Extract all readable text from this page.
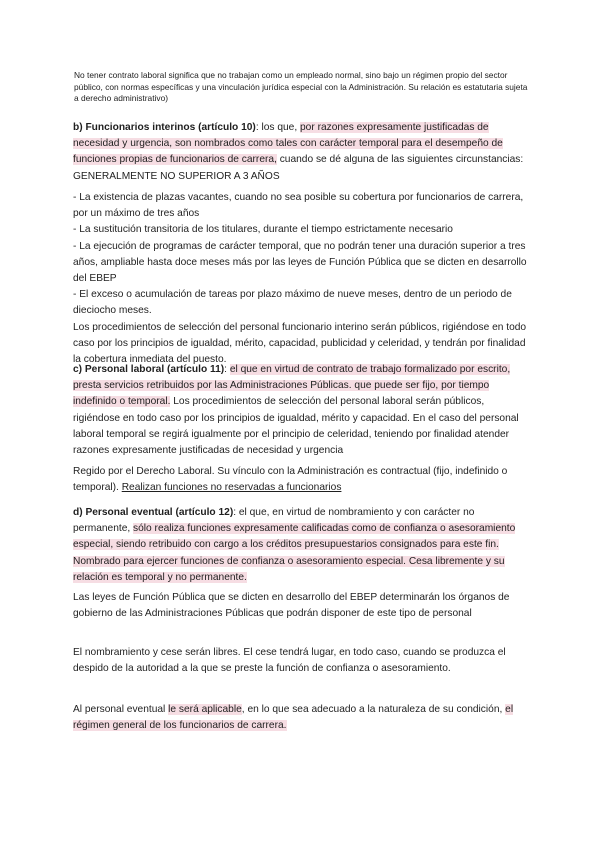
No tener contrato laboral significa que no trabajan como un empleado normal, sino bajo un régimen propio del sector público, con normas específicas y una vinculación jurídica especial con la Administración. Su relación es estatutaria sujeta a derecho administrativo)

b) Funcionarios interinos (artículo 10): los que, por razones expresamente justificadas de necesidad y urgencia, son nombrados como tales con carácter temporal para el desempeño de funciones propias de funcionarios de carrera, cuando se dé alguna de las siguientes circunstancias: GENERALMENTE NO SUPERIOR A 3 AÑOS

- La existencia de plazas vacantes, cuando no sea posible su cobertura por funcionarios de carrera, por un máximo de tres años

- La sustitución transitoria de los titulares, durante el tiempo estrictamente necesario

- La ejecución de programas de carácter temporal, que no podrán tener una duración superior a tres años, ampliable hasta doce meses más por las leyes de Función Pública que se dicten en desarrollo del EBEP

- El exceso o acumulación de tareas por plazo máximo de nueve meses, dentro de un periodo de dieciocho meses.

Los procedimientos de selección del personal funcionario interino serán públicos, rigiéndose en todo caso por los principios de igualdad, mérito, capacidad, publicidad y celeridad, y tendrán por finalidad la cobertura inmediata del puesto.

c) Personal laboral (artículo 11): el que en virtud de contrato de trabajo formalizado por escrito, presta servicios retribuidos por las Administraciones Públicas. que puede ser fijo, por tiempo indefinido o temporal. Los procedimientos de selección del personal laboral serán públicos, rigiéndose en todo caso por los principios de igualdad, mérito y capacidad. En el caso del personal laboral temporal se regirá igualmente por el principio de celeridad, teniendo por finalidad atender razones expresamente justificadas de necesidad y urgencia

Regido por el Derecho Laboral. Su vínculo con la Administración es contractual (fijo, indefinido o temporal). Realizan funciones no reservadas a funcionarios

d) Personal eventual (artículo 12): el que, en virtud de nombramiento y con carácter no permanente, sólo realiza funciones expresamente calificadas como de confianza o asesoramiento especial, siendo retribuido con cargo a los créditos presupuestarios consignados para este fin. Nombrado para ejercer funciones de confianza o asesoramiento especial. Cesa libremente y su relación es temporal y no permanente.

Las leyes de Función Pública que se dicten en desarrollo del EBEP determinarán los órganos de gobierno de las Administraciones Públicas que podrán disponer de este tipo de personal

El nombramiento y cese serán libres. El cese tendrá lugar, en todo caso, cuando se produzca el despido de la autoridad a la que se preste la función de confianza o asesoramiento.

Al personal eventual le será aplicable, en lo que sea adecuado a la naturaleza de su condición, el régimen general de los funcionarios de carrera.
